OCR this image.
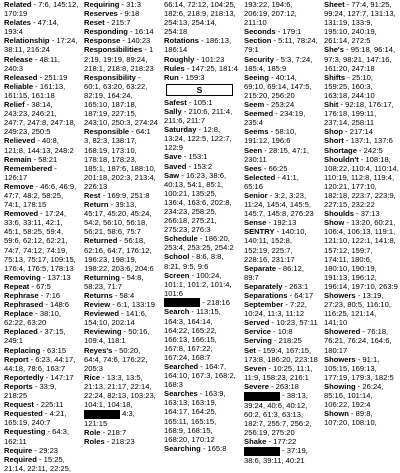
Related - 7:6, 145:12, 170:19

Relates - 47:14, 193:4

Relationship - 17:24, 38:11, 216:24

Release - 48:11, 240:3

Released - 251:19

Reliable - 161:13, 161:15, 161:18

Relief - 38:14, 243:23, 246:21, 247:7, 247:8, 247:18, 249:23, 250:5

Relieved - 40:8, 121:8, 144:13, 248:2

Remain - 58:21

Remembered - 126:17

Remove - 46:6, 46:9, 47:7, 48:2, 58:25, 74:1, 178:15

Removed - 17:24, 33:6, 33:11, 42:1, 45:1, 58:25, 59:4, 59:6, 62:12, 62:21, 74:7, 74:12, 74:19, 75:13, 75:17, 109:15, 176:4, 176:5, 178:13

Removing - 137:13

Repeat - 67:5

Rephrase - 7:16

Rephrased - 148:6

Replace - 38:10, 62:22, 63:20

Replaced - 37:15, 249:1

Replacing - 63:15

Report - 6:23, 44:17, 44:18, 78:6, 163:7

Reportedly - 147:17

Reports - 33:9, 218:25

Request - 225:11

Requested - 4:21, 165:19, 240:7

Requesting - 64:3, 162:11

Require - 29:23

Required - 15:25, 21:14, 22:11, 22:25,

Requiring - 31:3

Reserves - 9:18

Reset - 215:7

Responding - 16:14

Response - 140:23

Responsibilities - 1 2:19, 19:19, 89:24, 218:1, 218:8, 218:23

Responsibility - 60:1, 63:20, 63:22, 82:19, 164:24, 165:10, 187:18, 187:19, 227:15, 243:10, 250:3, 274:24

Responsible - 64:1 3, 82:3, 138:17, 168:19, 173:10, 178:18, 178:23, 185:1, 187:6, 188:10, 201:18, 202:3, 213:4, 226:13

Rest - 169:9, 251:8

Return - 39:13, 45:17, 45:20, 45:24, 54:2, 56:10, 56:18, 56:21, 58:6, 75:7

Returned - 56:18, 62:16, 64:7, 176:12, 196:23, 198:19, 198:22, 203:6, 204:6

Returning - 54:8, 58:23, 71:7

Returns - 58:4

Review - 6:1, 133:19

Reviewed - 141:6, 154:10, 202:14

Reviewing - 50:16, 109:4, 118:1

Reyes's - 50:20, 64:4, 74:6, 176:22, 205:3

Rice - 13:3, 13:5, 21:13, 21:17, 22:14, 22:24, 82:13, 103:23, 104:1, 104:18,

4:3, 121:15

Role - 218:7

Roles - 218:23

66:14, 72:12, 104:25, 182:6, 218:9, 218:13, 254:13, 254:14, 254:18

Rotations - 186:13, 186:14

Roughly - 101:23

Rules - 147:25, 181:4

Run - 159:3

S

Safest - 105:1

Sally - 210:6, 211:4, 211:6, 211:7

Saturday - 12:8, 13:24, 122:5, 122:7, 122:9

Save - 153:1

Saved - 153:2

Saw - 16:23, 38:6, 40:13, 54:1, 85:1, 100:21, 135:25, 136:4, 163:6, 202:8, 234:23, 258:25, 266:18, 275:21, 275:23, 276:3

Schedule - 186:20, 253:4, 253:25, 254:2

School - 8:6, 8:8, 8:21, 9:5, 9:6

Screen - 100:24, 101:1, 101:2, 101:4, 101:6

- 218:16

Search - 113:15, 164:3, 164:14, 164:22, 165:22, 166:13, 166:15, 167:8, 167:22, 167:24, 168:7

Searched - 164:7, 164:10, 167:3, 168:2, 168:3

Searches - 163:9, 163:13, 163:19, 164:17, 164:25, 165:11, 165:15, 168:9, 168:15, 168:20, 170:12

Searching - 165:8

193:22, 194:6, 206:19, 207:12, 211:10

Seconds - 179:1

Section - 5:11, 78:24, 79:1

Security - 5:3, 7:24, 185:4, 185:9

Seeing - 40:14, 69:10, 69:14, 147:5, 215:20, 256:20

Seem - 253:24

Seemed - 234:19, 235:4

Seems - 58:10, 191:12, 196:6

Seen - 28:15, 47:1, 230:11

Sees - 66:25

Selected - 41:1, 65:16

Senior - 3:2, 3:23, 11:24, 145:4, 145:5, 145:7, 145:8, 276:23

Sense - 192:13

SENTRY - 140:10, 140:11, 152:8, 152:19, 225:7, 228:16, 231:17

Separate - 86:12, 89:7

Separately - 263:1

Separations - 64:17

September - 7:22, 10:24, 11:3, 11:12

Served - 10:23, 57:11

Service - 10:8

Serving - 218:25

Set - 159:4, 167:15, 173:8, 186:20, 223:18

Seven - 10:25, 11:1, 11:9, 158:23, 216:1

Severe - 263:18

- 38:13, 39:24, 40:6, 40:12, 60:2, 61:3, 63:13, 182:7, 255:7, 256:2, 256:19, 275:20

Shake - 177:22

- 37:19, 38:6, 39:11, 40:21

Sheet - 77:4, 91:25, 99:24, 127:7, 131:13, 131:19, 133:9, 195:10, 240:19, 261:14, 272:5

She's - 95:18, 96:14, 97:3, 98:21, 147:16, 161:20, 247:18

Shifts - 25:10, 159:25, 160:3, 163:18, 244:10

Shit - 92:18, 176:17, 176:18, 199:11, 237:14, 258:11

Shop - 217:14

Short - 137:1, 137:6

Shortage - 242:5

Shouldn't - 108:18, 108:22, 110:4, 110:14, 110:19, 112:8, 119:4, 120:21, 177:10, 182:18, 223:7, 223:9, 227:15, 232:22

Shoulds - 37:13

Show - 13:20, 60:21, 106:4, 106:13, 119:1, 121:10, 122:1, 141:8, 157:12, 159:7, 174:11, 180:6, 180:10, 190:19, 191:13, 196:12, 196:14, 197:10, 263:9

Showers - 13:19, 27:23, 80:5, 116:10, 116:25, 121:14, 141:10

Showered - 76:18, 76:21, 76:24, 164:6, 180:17

Showers - 91:1, 105:15, 169:13, 177:19, 179:3, 182:5

Showing - 26:24, 85:16, 101:14, 106:22, 192:4

Shown - 89:8, 107:20, 108:10,
